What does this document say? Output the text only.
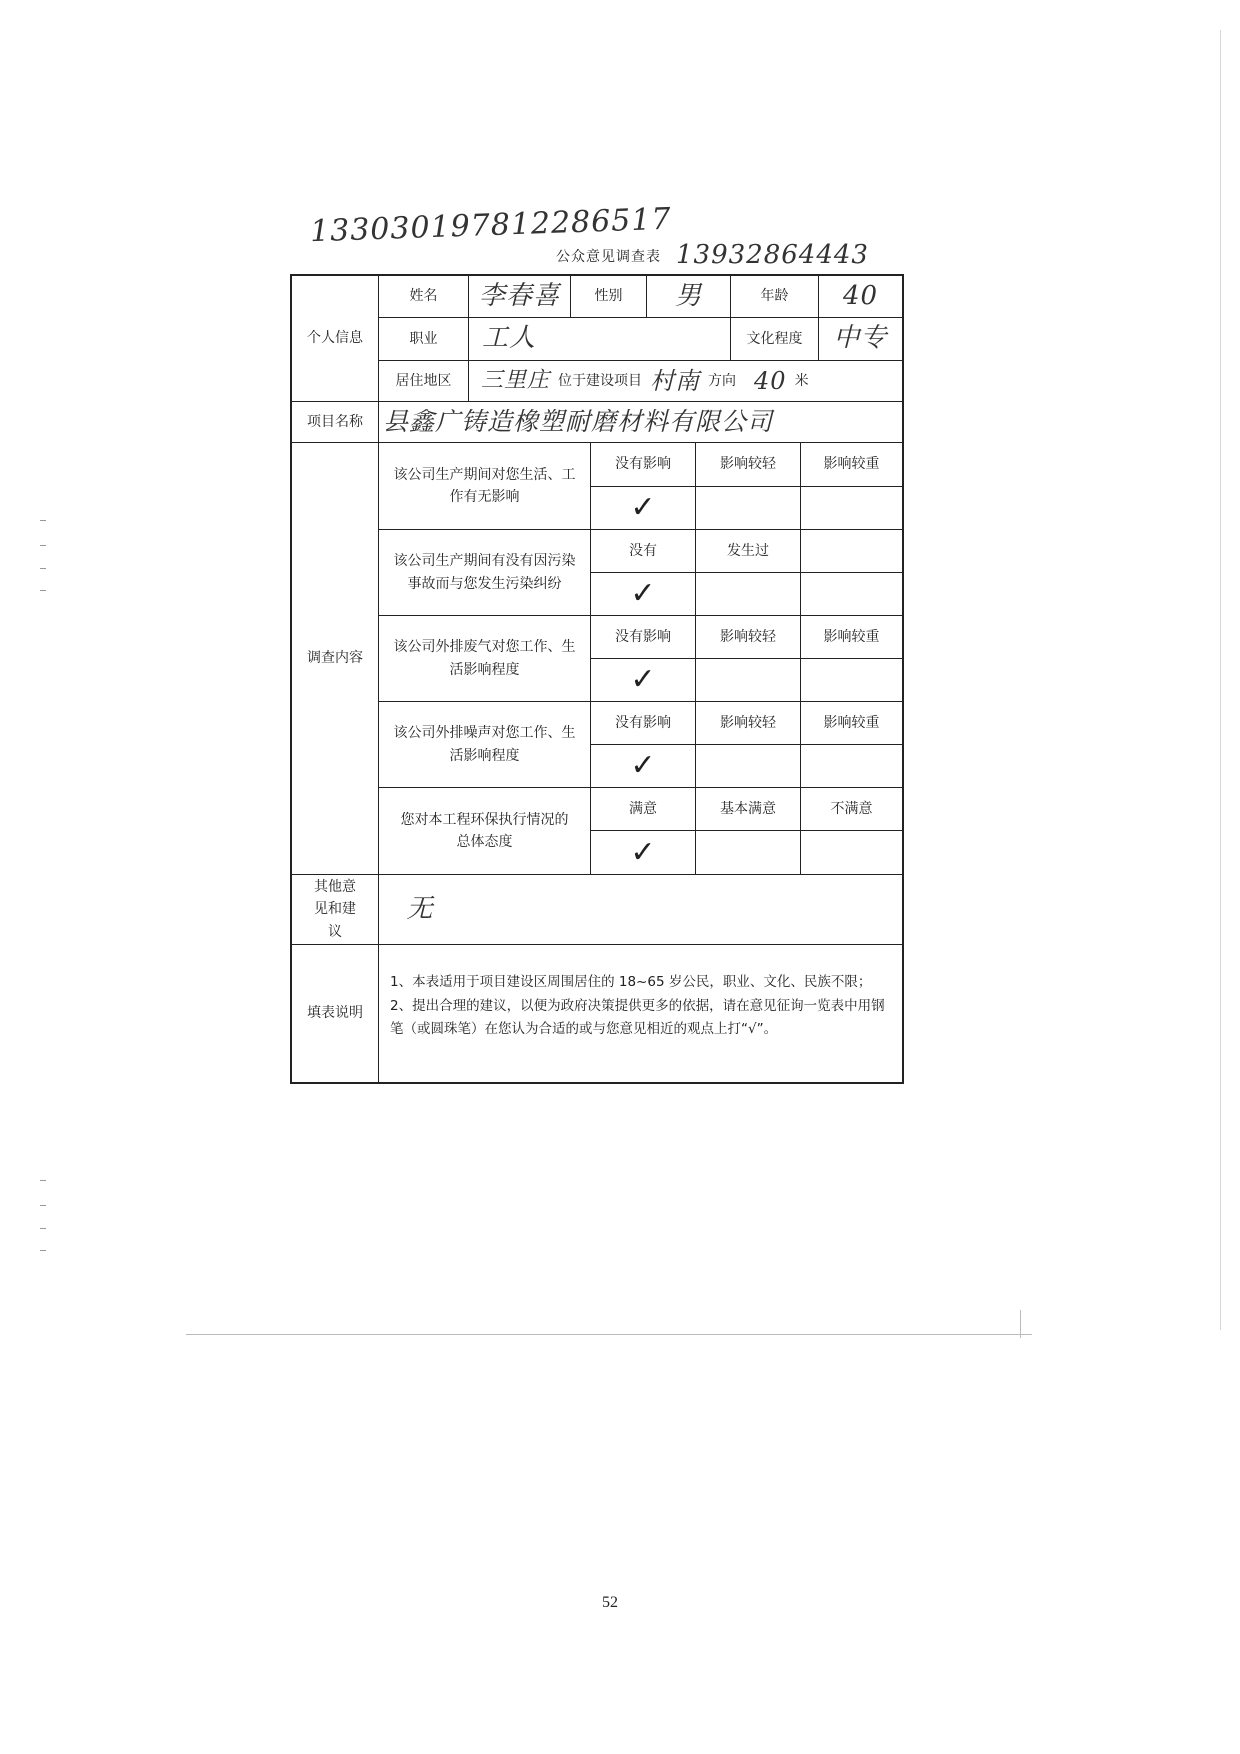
133030197812286517
公众意见调查表 13932864443
个人信息
姓名	李春喜	性别	男	年龄	40
职业	工人	文化程度	中专
居住地区	三里庄 位于建设项目 村南 方向 40 米
项目名称 县鑫广铸造橡塑耐磨材料有限公司
调查内容
该公司生产期间对您生活、工作有无影响
没有影响	影响较轻	影响较重
✓
该公司生产期间有没有因污染事故而与您发生污染纠纷
没有	发生过
✓
该公司外排废气对您工作、生活影响程度
没有影响	影响较轻	影响较重
✓
该公司外排噪声对您工作、生活影响程度
没有影响	影响较轻	影响较重
✓
您对本工程环保执行情况的总体态度
满意	基本满意	不满意
✓
其他意见和建议
无
填表说明
1、本表适用于项目建设区周围居住的 18~65 岁公民，职业、文化、民族不限；2、提出合理的建议，以便为政府决策提供更多的依据，请在意见征询一览表中用钢笔（或圆珠笔）在您认为合适的或与您意见相近的观点上打“√”。
52
